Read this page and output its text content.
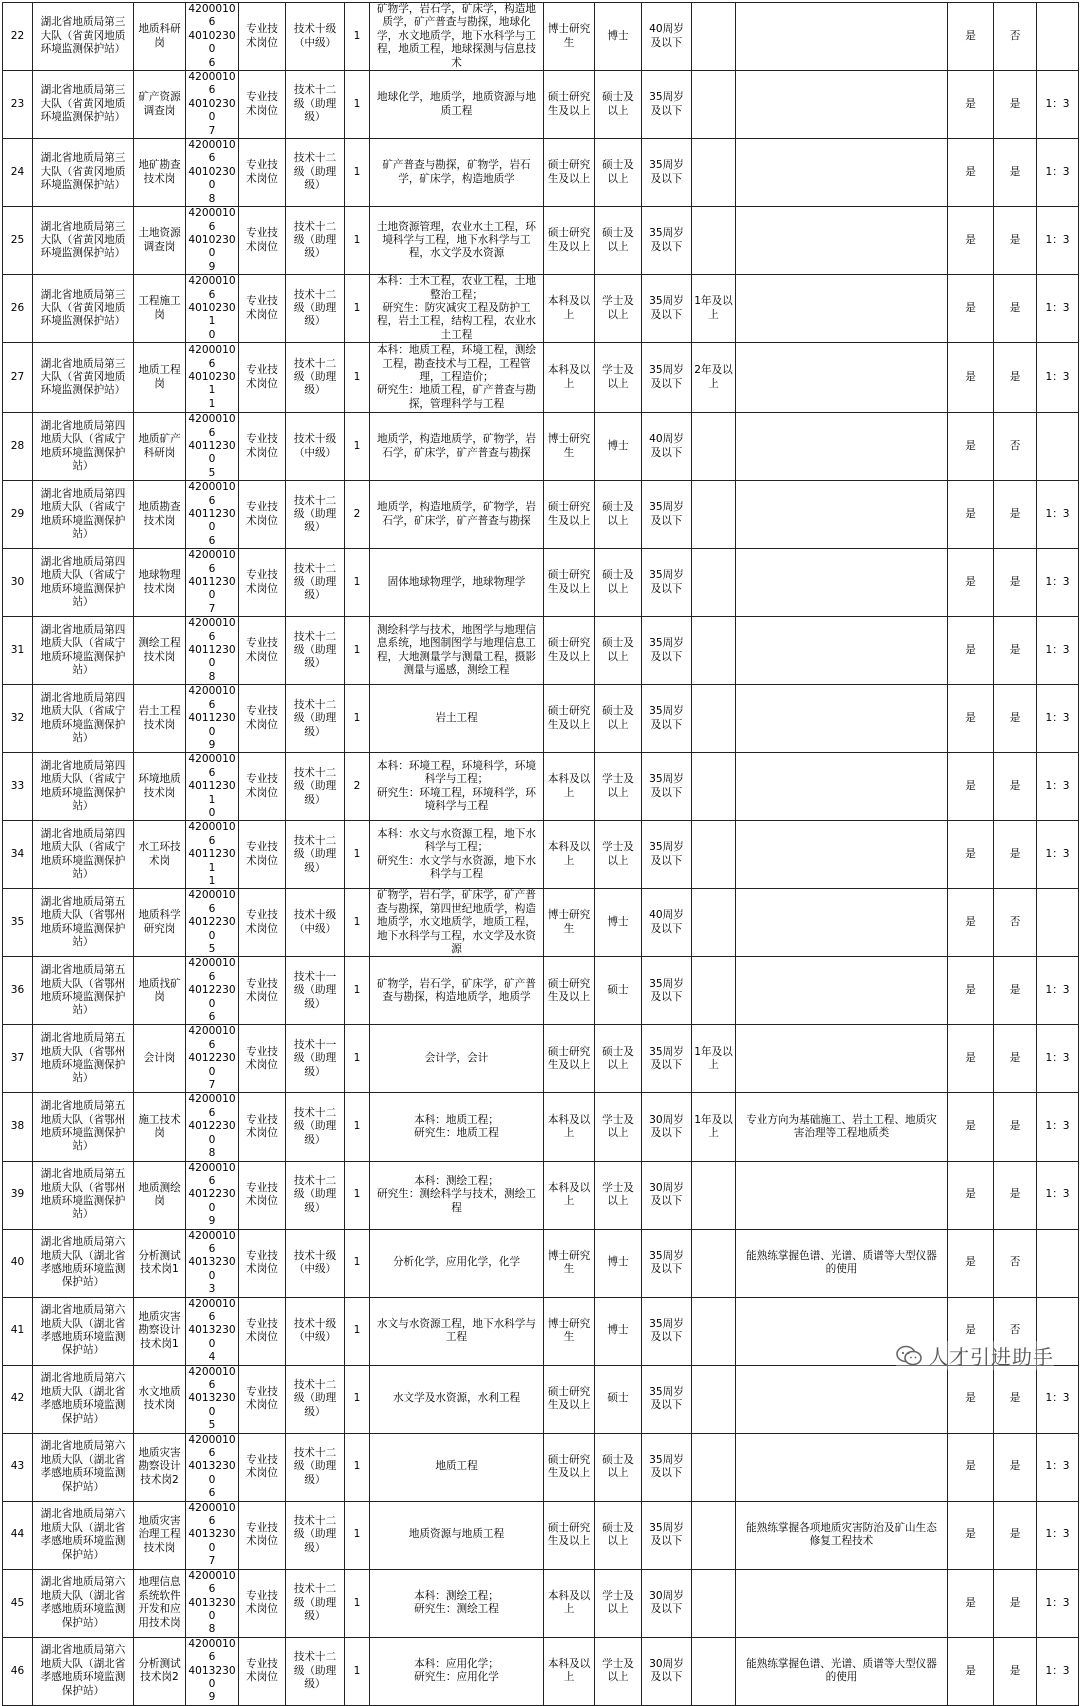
22	湖北省地质局第三
大队（省黄冈地质
环境监测保护站）	地质科研
岗	42000106
40102300
6	专业技
术岗位	技术十级
（中级）	1	矿物学，岩石学，矿床学，构造地
质学，矿产普查与勘探，地球化
学，水文地质学，地下水科学与工
程，地质工程，地球探测与信息技
术	博士研究
生	博士	40周岁
及以下			是	否	
23	湖北省地质局第三
大队（省黄冈地质
环境监测保护站）	矿产资源
调查岗	42000106
40102300
7	专业技
术岗位	技术十二
级（助理
级）	1	地球化学，地质学，地质资源与地
质工程	硕士研究
生及以上	硕士及
以上	35周岁
及以下			是	是	1：3
24	湖北省地质局第三
大队（省黄冈地质
环境监测保护站）	地矿勘查
技术岗	42000106
40102300
8	专业技
术岗位	技术十二
级（助理
级）	1	矿产普查与勘探，矿物学，岩石
学，矿床学，构造地质学	硕士研究
生及以上	硕士及
以上	35周岁
及以下			是	是	1：3
25	湖北省地质局第三
大队（省黄冈地质
环境监测保护站）	土地资源
调查岗	42000106
40102300
9	专业技
术岗位	技术十二
级（助理
级）	1	土地资源管理，农业水土工程，环
境科学与工程，地下水科学与工
程，水文学及水资源	硕士研究
生及以上	硕士及
以上	35周岁
及以下			是	是	1：3
26	湖北省地质局第三
大队（省黄冈地质
环境监测保护站）	工程施工
岗	42000106
40102301
0	专业技
术岗位	技术十二
级（助理
级）	1	本科：土木工程，农业工程，土地
整治工程；
研究生：防灾减灾工程及防护工
程，岩土工程，结构工程，农业水
土工程	本科及以
上	学士及
以上	35周岁
及以下	1年及以
上		是	是	1：3
27	湖北省地质局第三
大队（省黄冈地质
环境监测保护站）	地质工程
岗	42000106
40102301
1	专业技
术岗位	技术十二
级（助理
级）	1	本科：地质工程，环境工程，测绘
工程，勘查技术与工程，工程管
理，工程造价；
研究生：地质工程，矿产普查与勘
探，管理科学与工程	本科及以
上	学士及
以上	35周岁
及以下	2年及以
上		是	是	1：3
28	湖北省地质局第四
地质大队（省咸宁
地质环境监测保护
站）	地质矿产
科研岗	42000106
40112300
5	专业技
术岗位	技术十级
（中级）	1	地质学，构造地质学，矿物学，岩
石学，矿床学，矿产普查与勘探	博士研究
生	博士	40周岁
及以下			是	否	
29	湖北省地质局第四
地质大队（省咸宁
地质环境监测保护
站）	地质勘查
技术岗	42000106
40112300
6	专业技
术岗位	技术十二
级（助理
级）	2	地质学，构造地质学，矿物学，岩
石学，矿床学，矿产普查与勘探	硕士研究
生及以上	硕士及
以上	35周岁
及以下			是	是	1：3
30	湖北省地质局第四
地质大队（省咸宁
地质环境监测保护
站）	地球物理
技术岗	42000106
40112300
7	专业技
术岗位	技术十二
级（助理
级）	1	固体地球物理学，地球物理学	硕士研究
生及以上	硕士及
以上	35周岁
及以下			是	是	1：3
31	湖北省地质局第四
地质大队（省咸宁
地质环境监测保护
站）	测绘工程
技术岗	42000106
40112300
8	专业技
术岗位	技术十二
级（助理
级）	1	测绘科学与技术，地图学与地理信
息系统，地图制图学与地理信息工
程，大地测量学与测量工程，摄影
测量与遥感，测绘工程	硕士研究
生及以上	硕士及
以上	35周岁
及以下			是	是	1：3
32	湖北省地质局第四
地质大队（省咸宁
地质环境监测保护
站）	岩土工程
技术岗	42000106
40112300
9	专业技
术岗位	技术十二
级（助理
级）	1	岩土工程	硕士研究
生及以上	硕士及
以上	35周岁
及以下			是	是	1：3
33	湖北省地质局第四
地质大队（省咸宁
地质环境监测保护
站）	环境地质
技术岗	42000106
40112301
0	专业技
术岗位	技术十二
级（助理
级）	2	本科：环境工程，环境科学，环境
科学与工程；
研究生：环境工程，环境科学，环
境科学与工程	本科及以
上	学士及
以上	35周岁
及以下			是	是	1：3
34	湖北省地质局第四
地质大队（省咸宁
地质环境监测保护
站）	水工环技
术岗	42000106
40112301
1	专业技
术岗位	技术十二
级（助理
级）	1	本科：水文与水资源工程，地下水
科学与工程；
研究生：水文学与水资源，地下水
科学与工程	本科及以
上	学士及
以上	35周岁
及以下			是	是	1：3
35	湖北省地质局第五
地质大队（省鄂州
地质环境监测保护
站）	地质科学
研究岗	42000106
40122300
5	专业技
术岗位	技术十级
（中级）	1	矿物学，岩石学，矿床学，矿产普
查与勘探，第四世纪地质学，构造
地质学，水文地质学，地质工程，
地下水科学与工程，水文学及水资源	博士研究
生	博士	40周岁
及以下			是	否	
36	湖北省地质局第五
地质大队（省鄂州
地质环境监测保护
站）	地质找矿
岗	42000106
40122300
6	专业技
术岗位	技术十一
级（助理
级）	1	矿物学，岩石学，矿床学，矿产普
查与勘探，构造地质学，地质学	硕士研究
生及以上	硕士	35周岁
及以下			是	是	1：3
37	湖北省地质局第五
地质大队（省鄂州
地质环境监测保护
站）	会计岗	42000106
40122300
7	专业技
术岗位	技术十一
级（助理
级）	1	会计学，会计	硕士研究
生及以上	硕士及
以上	35周岁
及以下	1年及以
上		是	是	1：3
38	湖北省地质局第五
地质大队（省鄂州
地质环境监测保护
站）	施工技术
岗	42000106
40122300
8	专业技
术岗位	技术十二
级（助理
级）	1	本科：地质工程；
研究生：地质工程	本科及以
上	学士及
以上	30周岁
及以下	1年及以
上	专业方向为基础施工、岩土工程、地质灾
害治理等工程地质类	是	是	1：3
39	湖北省地质局第五
地质大队（省鄂州
地质环境监测保护
站）	地质测绘
岗	42000106
40122300
9	专业技
术岗位	技术十二
级（助理
级）	1	本科：测绘工程；
研究生：测绘科学与技术，测绘工
程	本科及以
上	学士及
以上	30周岁
及以下			是	是	1：3
40	湖北省地质局第六
地质大队（湖北省
孝感地质环境监测
保护站）	分析测试
技术岗1	42000106
40132300
3	专业技
术岗位	技术十级
（中级）	1	分析化学，应用化学，化学	博士研究
生	博士	35周岁
及以下		能熟练掌握色谱、光谱、质谱等大型仪器
的使用	是	否	
41	湖北省地质局第六
地质大队（湖北省
孝感地质环境监测
保护站）	地质灾害
勘察设计
技术岗1	42000106
40132300
4	专业技
术岗位	技术十级
（中级）	1	水文与水资源工程，地下水科学与
工程	博士研究
生	博士	35周岁
及以下			是	否	
42	湖北省地质局第六
地质大队（湖北省
孝感地质环境监测
保护站）	水文地质
技术岗	42000106
40132300
5	专业技
术岗位	技术十二
级（助理
级）	1	水文学及水资源，水利工程	硕士研究
生及以上	硕士	35周岁
及以下			是	是	1：3
43	湖北省地质局第六
地质大队（湖北省
孝感地质环境监测
保护站）	地质灾害
勘察设计
技术岗2	42000106
40132300
6	专业技
术岗位	技术十二
级（助理
级）	1	地质工程	硕士研究
生及以上	硕士及
以上	35周岁
及以下			是	是	1：3
44	湖北省地质局第六
地质大队（湖北省
孝感地质环境监测
保护站）	地质灾害
治理工程
技术岗	42000106
40132300
7	专业技
术岗位	技术十二
级（助理
级）	1	地质资源与地质工程	硕士研究
生及以上	硕士及
以上	35周岁
及以下		能熟练掌握各项地质灾害防治及矿山生态
修复工程技术	是	是	1：3
45	湖北省地质局第六
地质大队（湖北省
孝感地质环境监测
保护站）	地理信息
系统软件
开发和应
用技术岗	42000106
40132300
8	专业技
术岗位	技术十二
级（助理
级）	1	本科：测绘工程；
研究生：测绘工程	本科及以
上	学士及
以上	30周岁
及以下			是	是	1：3
46	湖北省地质局第六
地质大队（湖北省
孝感地质环境监测
保护站）	分析测试
技术岗2	42000106
40132300
9	专业技
术岗位	技术十二
级（助理
级）	1	本科：应用化学；
研究生：应用化学	本科及以
上	学士及
以上	30周岁
及以下		能熟练掌握色谱、光谱、质谱等大型仪器
的使用	是	是	1：3
人才引进助手
